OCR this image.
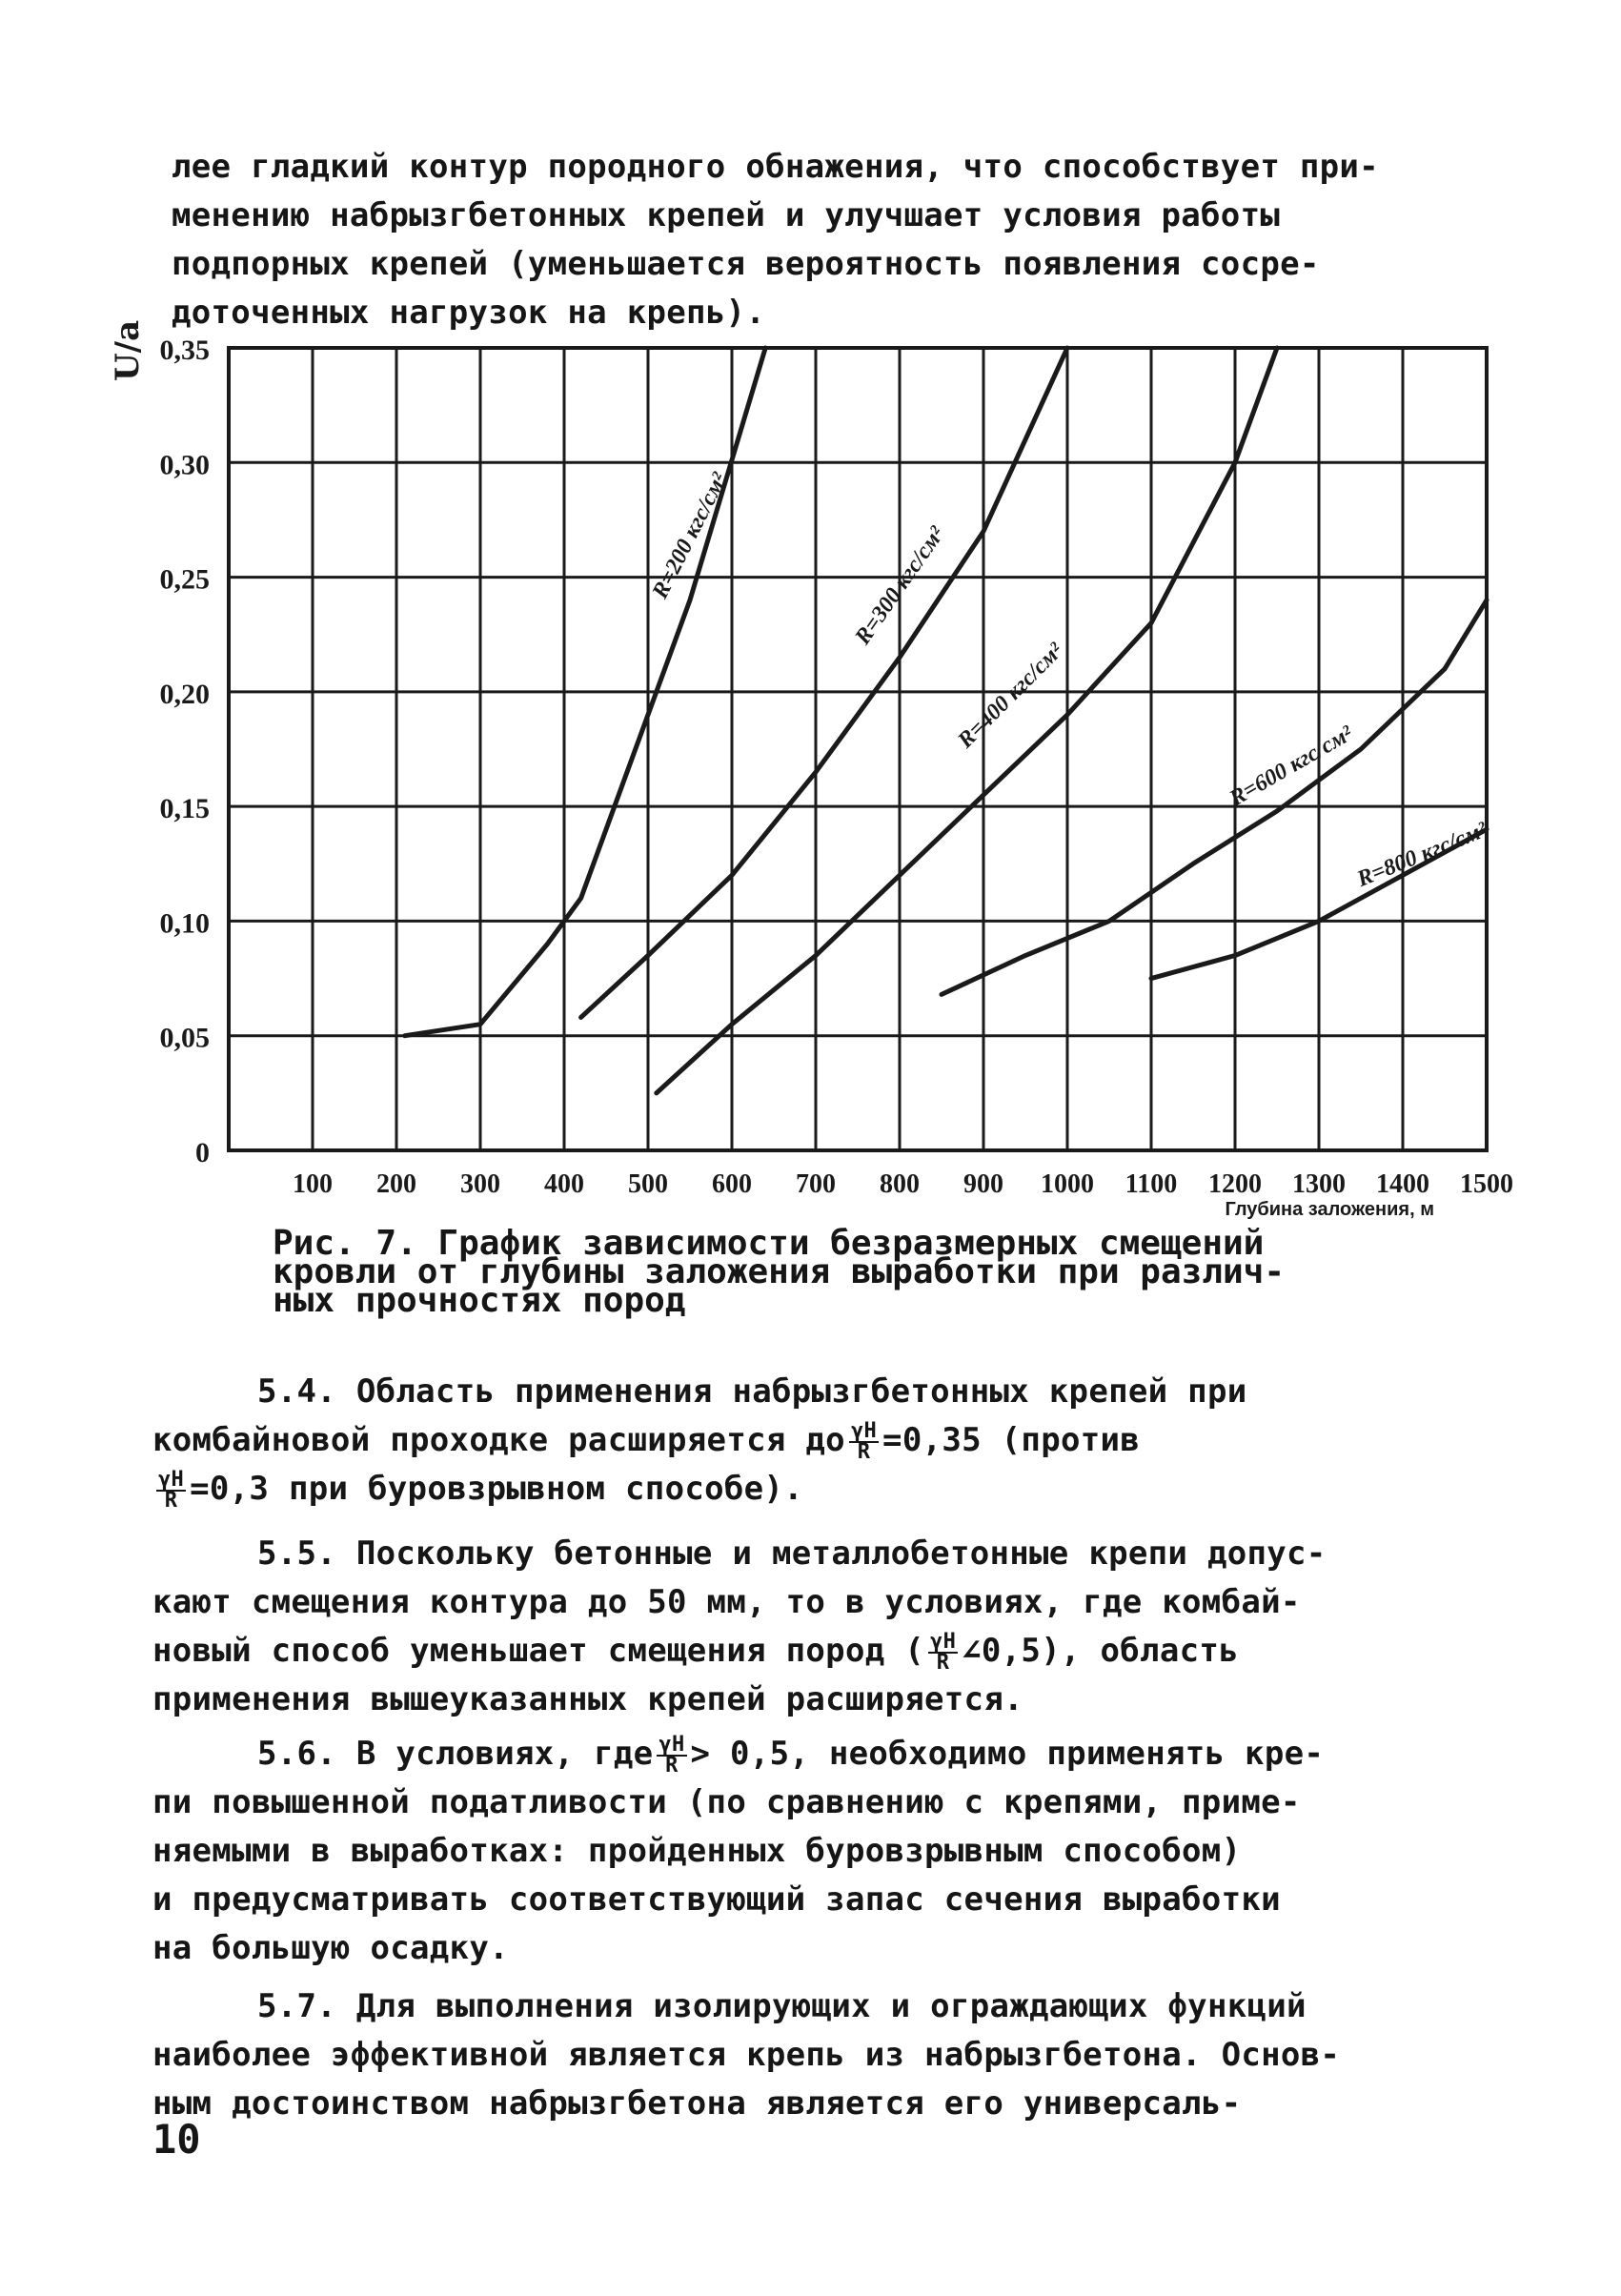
лее гладкий контур породного обнажения, что способствует при-
менению набрызгбетонных крепей и улучшает условия работы
подпорных крепей (уменьшается вероятность появления сосре-
доточенных нагрузок на крепь).
0
0,05
0,10
0,15
0,20
0,25
0,30
0,35
100 200 300 400 500 600 700 800 900 1000 1100 1200 1300 1400 1500
U/a
Глубина заложения, м
R=200 кгс/см²	R=300 кгс/см²
R=400 кгс/см²
R=600 кгс/см²
R=800 кгс/см²
Рис. 7. График зависимости безразмерных смещений
кровли от глубины заложения выработки при различ-
ных прочностях пород
5.4. Область применения набрызгбетонных крепей при
комбайновой проходке расширяется до $\frac{\gamma H}{R} =0,35$ (против
$\frac{\gamma H}{R} =0,3$ при буровзрывном способе).
5.5. Поскольку бетонные и металлобетонные крепи допус-
кают смещения контура до 50 мм, то в условиях, где комбай-
новый способ уменьшает смещения пород ( $\frac{\gamma H}{R}$ ∠0,5), область
применения вышеуказанных крепей расширяется.
5.6. В условиях, где $\frac{\gamma H}{R} > 0,5$, необходимо применять кре-
пи повышенной податливости (по сравнению с крепями, приме-
няемыми в выработках: пройденных буровзрывным способом)
и предусматривать соответствующий запас сечения выработки
на большую осадку.
5.7. Для выполнения изолирующих и ограждающих функций
наиболее эффективной является крепь из набрызгбетона. Основ-
ным достоинством набрызгбетона является его универсаль-
10
